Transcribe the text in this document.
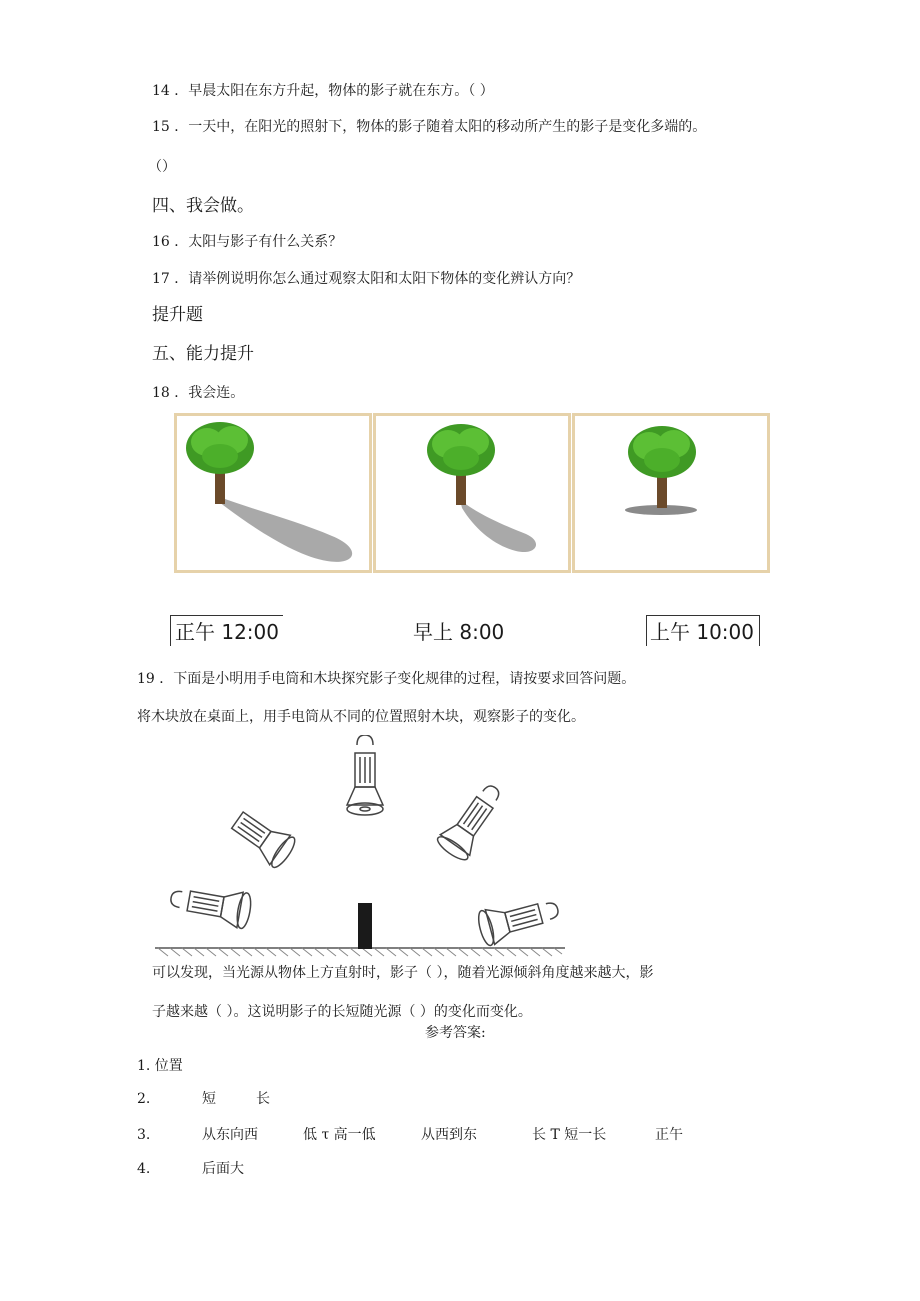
14 ．早晨太阳在东方升起，物体的影子就在东方。（ ）
15 ．一天中，在阳光的照射下，物体的影子随着太阳的移动所产生的影子是变化多端的。
（）
四、我会做。
16 ．太阳与影子有什么关系？
17 ．请举例说明你怎么通过观察太阳和太阳下物体的变化辨认方向？
提升题
五、能力提升
18 ．我会连。
正午 12:00	早上 8:00	上午 10:00
19 ．下面是小明用手电筒和木块探究影子变化规律的过程，请按要求回答问题。
将木块放在桌面上，用手电筒从不同的位置照射木块，观察影子的变化。
可以发现，当光源从物体上方直射时，影子（ ），随着光源倾斜角度越来越大，影
子越来越（ ）。这说明影子的长短随光源（ ）的变化而变化。
参考答案:
1. 位置
2.	短	长
3.	从东向西	低 τ 高一低	从西到东	长 T 短一长	正午
4.	后面大
